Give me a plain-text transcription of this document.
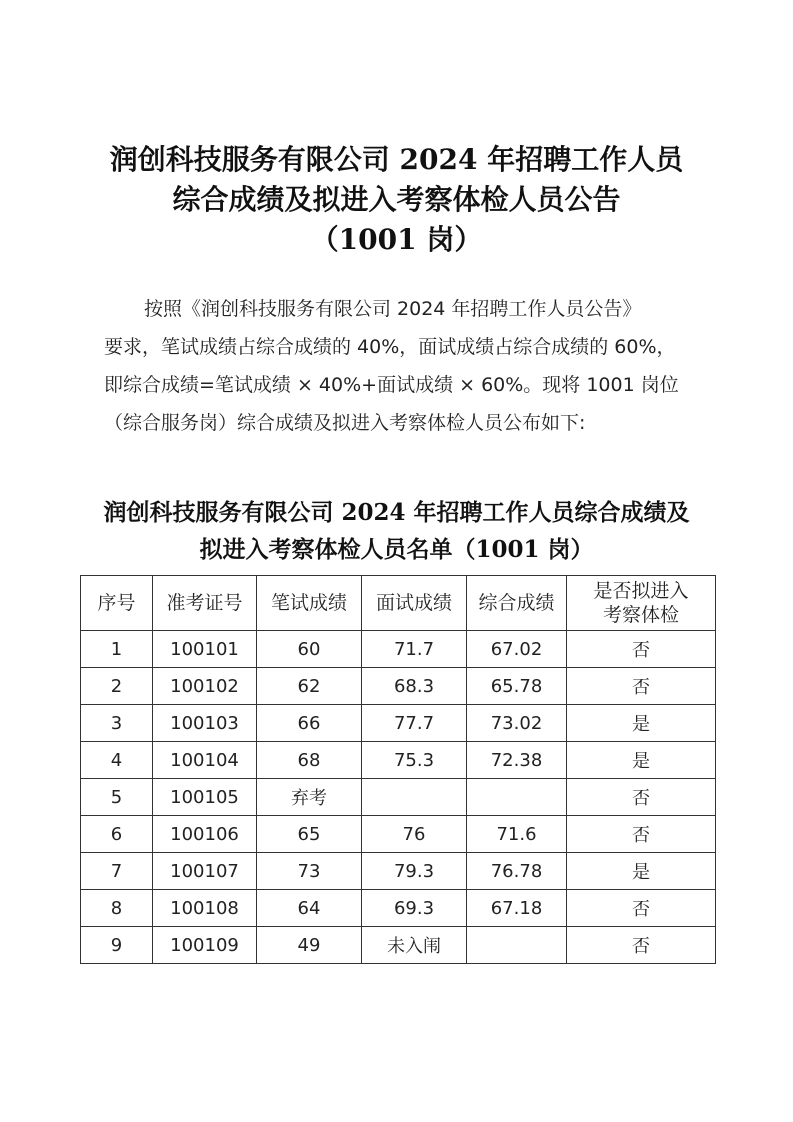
润创科技服务有限公司 2024 年招聘工作人员
综合成绩及拟进入考察体检人员公告
（1001 岗）
按照《润创科技服务有限公司 2024 年招聘工作人员公告》
要求，笔试成绩占综合成绩的 40%，面试成绩占综合成绩的 60%，
即综合成绩=笔试成绩 × 40%+面试成绩 × 60%。现将 1001 岗位
（综合服务岗）综合成绩及拟进入考察体检人员公布如下:
润创科技服务有限公司 2024 年招聘工作人员综合成绩及
拟进入考察体检人员名单（1001 岗）
序号	准考证号	笔试成绩	面试成绩	综合成绩	是否拟进入
考察体检

1	100101	60	71.7	67.02	否
2	100102	62	68.3	65.78	否
3	100103	66	77.7	73.02	是
4	100104	68	75.3	72.38	是
5	100105	弃考			否
6	100106	65	76	71.6	否
7	100107	73	79.3	76.78	是
8	100108	64	69.3	67.18	否
9	100109	49	未入闱		否
